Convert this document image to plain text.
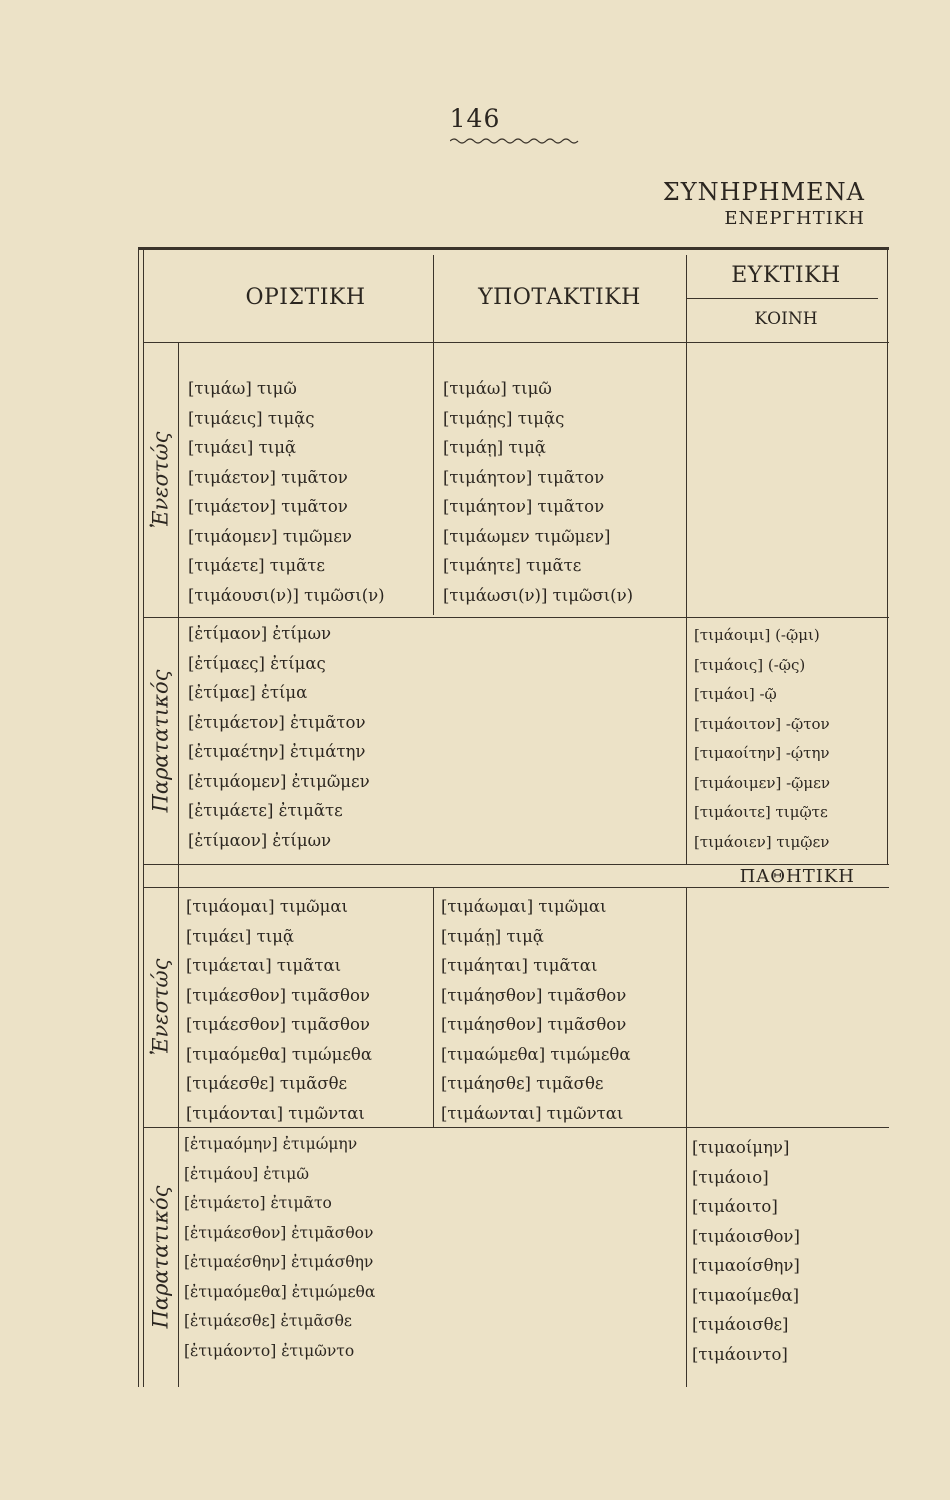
146
ΣΥΝΗΡΗΜΕΝΑ
ΕΝΕΡΓΗΤΙΚΗ
ΟΡΙΣΤΙΚΗ	ΥΠΟΤΑΚΤΙΚΗ
ΕΥΚΤΙΚΗ
ΚΟΙΝΗ
Ἐνεστώς
Παρατατικός
Ἐνεστώς
Παρατατικός
[τιμάω] τιμῶ
[τιμάεις] τιμᾷς
[τιμάει] τιμᾷ
[τιμάετον] τιμᾶτον
[τιμάετον] τιμᾶτον
[τιμάομεν] τιμῶμεν
[τιμάετε] τιμᾶτε
[τιμάουσι(ν)] τιμῶσι(ν)
[τιμάω] τιμῶ
[τιμάῃς] τιμᾷς
[τιμάῃ] τιμᾷ
[τιμάητον] τιμᾶτον
[τιμάητον] τιμᾶτον
[τιμάωμεν τιμῶμεν]
[τιμάητε] τιμᾶτε
[τιμάωσι(ν)] τιμῶσι(ν)
[ἐτίμαον] ἐτίμων
[ἐτίμαες] ἐτίμας
[ἐτίμαε] ἐτίμα
[ἐτιμάετον] ἐτιμᾶτον
[ἐτιμαέτην] ἐτιμάτην
[ἐτιμάομεν] ἐτιμῶμεν
[ἐτιμάετε] ἐτιμᾶτε
[ἐτίμαον] ἐτίμων
[τιμάοιμι] (-ῷμι)
[τιμάοις] (-ῷς)
[τιμάοι] -ῷ
[τιμάοιτον] -ῷτον
[τιμαοίτην] -ῴτην
[τιμάοιμεν] -ῷμεν
[τιμάοιτε] τιμῷτε
[τιμάοιεν] τιμῷεν
ΠΑΘΗΤΙΚΗ
[τιμάομαι] τιμῶμαι
[τιμάει] τιμᾷ
[τιμάεται] τιμᾶται
[τιμάεσθον] τιμᾶσθον
[τιμάεσθον] τιμᾶσθον
[τιμαόμεθα] τιμώμεθα
[τιμάεσθε] τιμᾶσθε
[τιμάονται] τιμῶνται
[τιμάωμαι] τιμῶμαι
[τιμάῃ] τιμᾷ
[τιμάηται] τιμᾶται
[τιμάησθον] τιμᾶσθον
[τιμάησθον] τιμᾶσθον
[τιμαώμεθα] τιμώμεθα
[τιμάησθε] τιμᾶσθε
[τιμάωνται] τιμῶνται
[ἐτιμαόμην] ἐτιμώμην
[ἐτιμάου] ἐτιμῶ
[ἐτιμάετο] ἐτιμᾶτο
[ἐτιμάεσθον] ἐτιμᾶσθον
[ἐτιμαέσθην] ἐτιμάσθην
[ἐτιμαόμεθα] ἐτιμώμεθα
[ἐτιμάεσθε] ἐτιμᾶσθε
[ἐτιμάοντο] ἐτιμῶντο
[τιμαοίμην]
[τιμάοιο]
[τιμάοιτο]
[τιμάοισθον]
[τιμαοίσθην]
[τιμαοίμεθα]
[τιμάοισθε]
[τιμάοιντο]
